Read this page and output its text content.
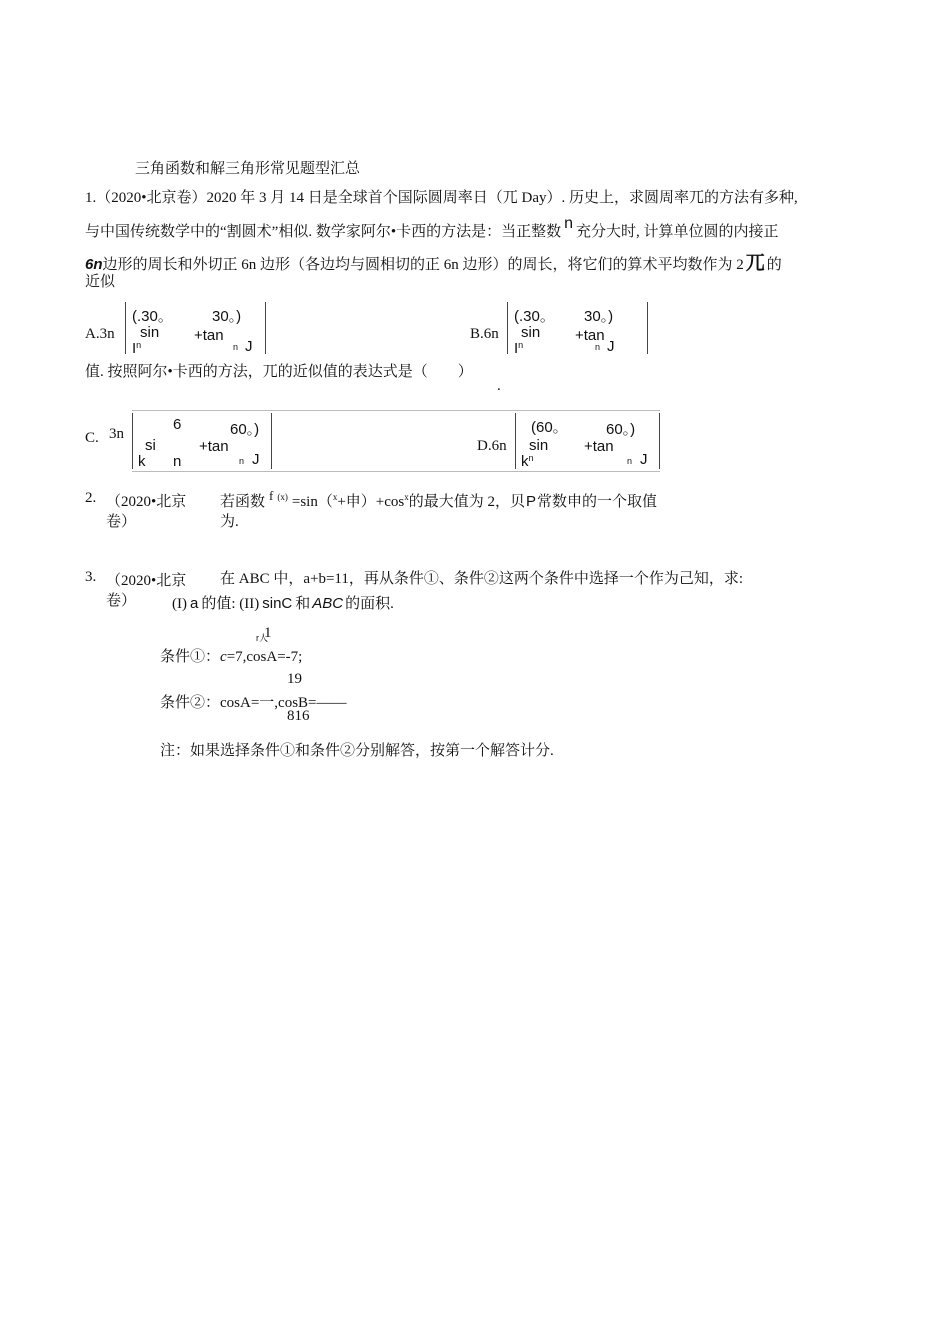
三角函数和解三角形常见题型汇总
1.（2020•北京卷）2020 年 3 月 14 日是全球首个国际圆周率日（兀 Day）. 历史上，求圆周率兀的方法有多种,
与中国传统数学中的“割圆术”相似. 数学家阿尔•卡西的方法是：当正整数 n 充分大时, 计算单位圆的内接正
6n边形的周长和外切正 6n 边形（各边均与圆相切的正 6n 边形）的周长，将它们的算术平均数作为 2 兀 的
近似
A.3n
(.30。	30。)
sin +tan
$I^n$	n J
B.6n
(.30。 30。)
sin +tan
$I^n$	n J
值. 按照阿尔•卡西的方法，兀的近似值的表达式是（　　）
.
C. 3n
6	60。)
si	+tan
k n	n J
D.6n
(60。	60。)
sin +tan
$k^n$	n J
2. （2020•北京
卷）
若函数 f $^{(x)}$ =sin（$^x$+申）$+\cos^x$的最大值为 2，贝P常数申的一个取值
为.
3. （2020•北京
卷）
在 ABC 中，a+b=11，再从条件①、条件②这两个条件中选择一个作为己知，求:
(I) a 的值: (II) sinC 和 ABC 的面积.
r人
1
条件①：c=7,cosA=-7;
19
条件②：cosA=一,cosB=——
816
注：如果选择条件①和条件②分别解答，按第一个解答计分.
